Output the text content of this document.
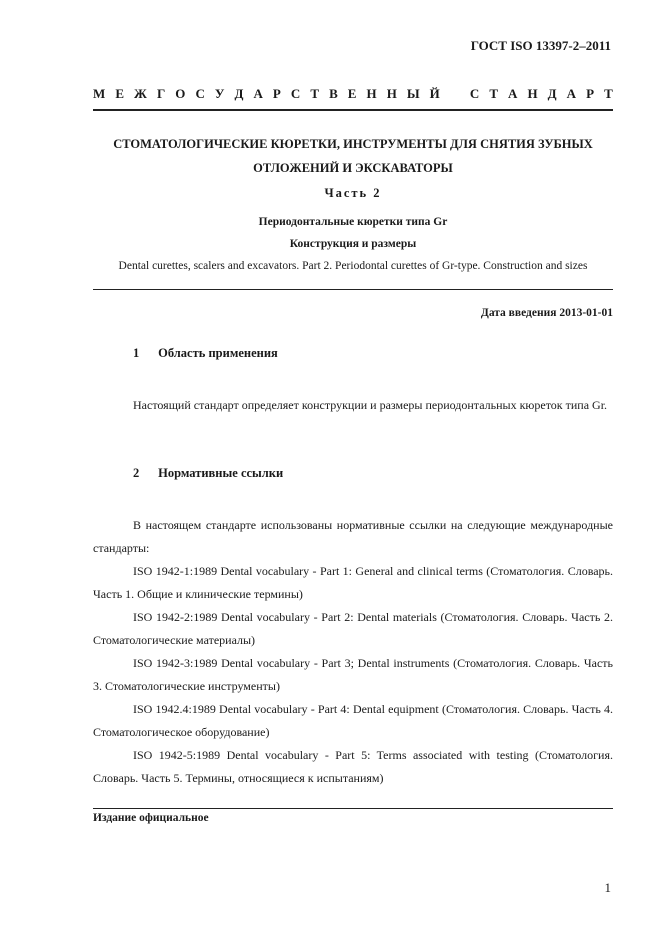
ГОСТ ISO 13397-2–2011
М Е Ж Г О С У Д А Р С Т В Е Н Н Ы Й С Т А Н Д А Р Т
СТОМАТОЛОГИЧЕСКИЕ КЮРЕТКИ, ИНСТРУМЕНТЫ ДЛЯ СНЯТИЯ ЗУБНЫХ
ОТЛОЖЕНИЙ И ЭКСКАВАТОРЫ
Часть 2
Периодонтальные кюретки типа Gr
Конструкция и размеры
Dental curettes, scalers and excavators. Part 2. Periodontal curettes of Gr-type. Construction and sizes
Дата введения 2013-01-01
1 Область применения
Настоящий стандарт определяет конструкции и размеры периодонтальных кюреток типа Gr.
2 Нормативные ссылки
В настоящем стандарте использованы нормативные ссылки на следующие международные стандарты:
ISO 1942-1:1989 Dental vocabulary - Part 1: General and clinical terms (Стоматология. Словарь. Часть 1. Общие и клинические термины)
ISO 1942-2:1989 Dental vocabulary - Part 2: Dental materials (Стоматология. Словарь. Часть 2. Стоматологические материалы)
ISO 1942-3:1989 Dental vocabulary - Part 3; Dental instruments (Стоматология. Словарь. Часть 3. Стоматологические инструменты)
ISO 1942.4:1989 Dental vocabulary - Part 4: Dental equipment (Стоматология. Словарь. Часть 4. Стоматологическое оборудование)
ISO 1942-5:1989 Dental vocabulary - Part 5: Terms associated with testing (Стоматология. Словарь. Часть 5. Термины, относящиеся к испытаниям)
Издание официальное
1
